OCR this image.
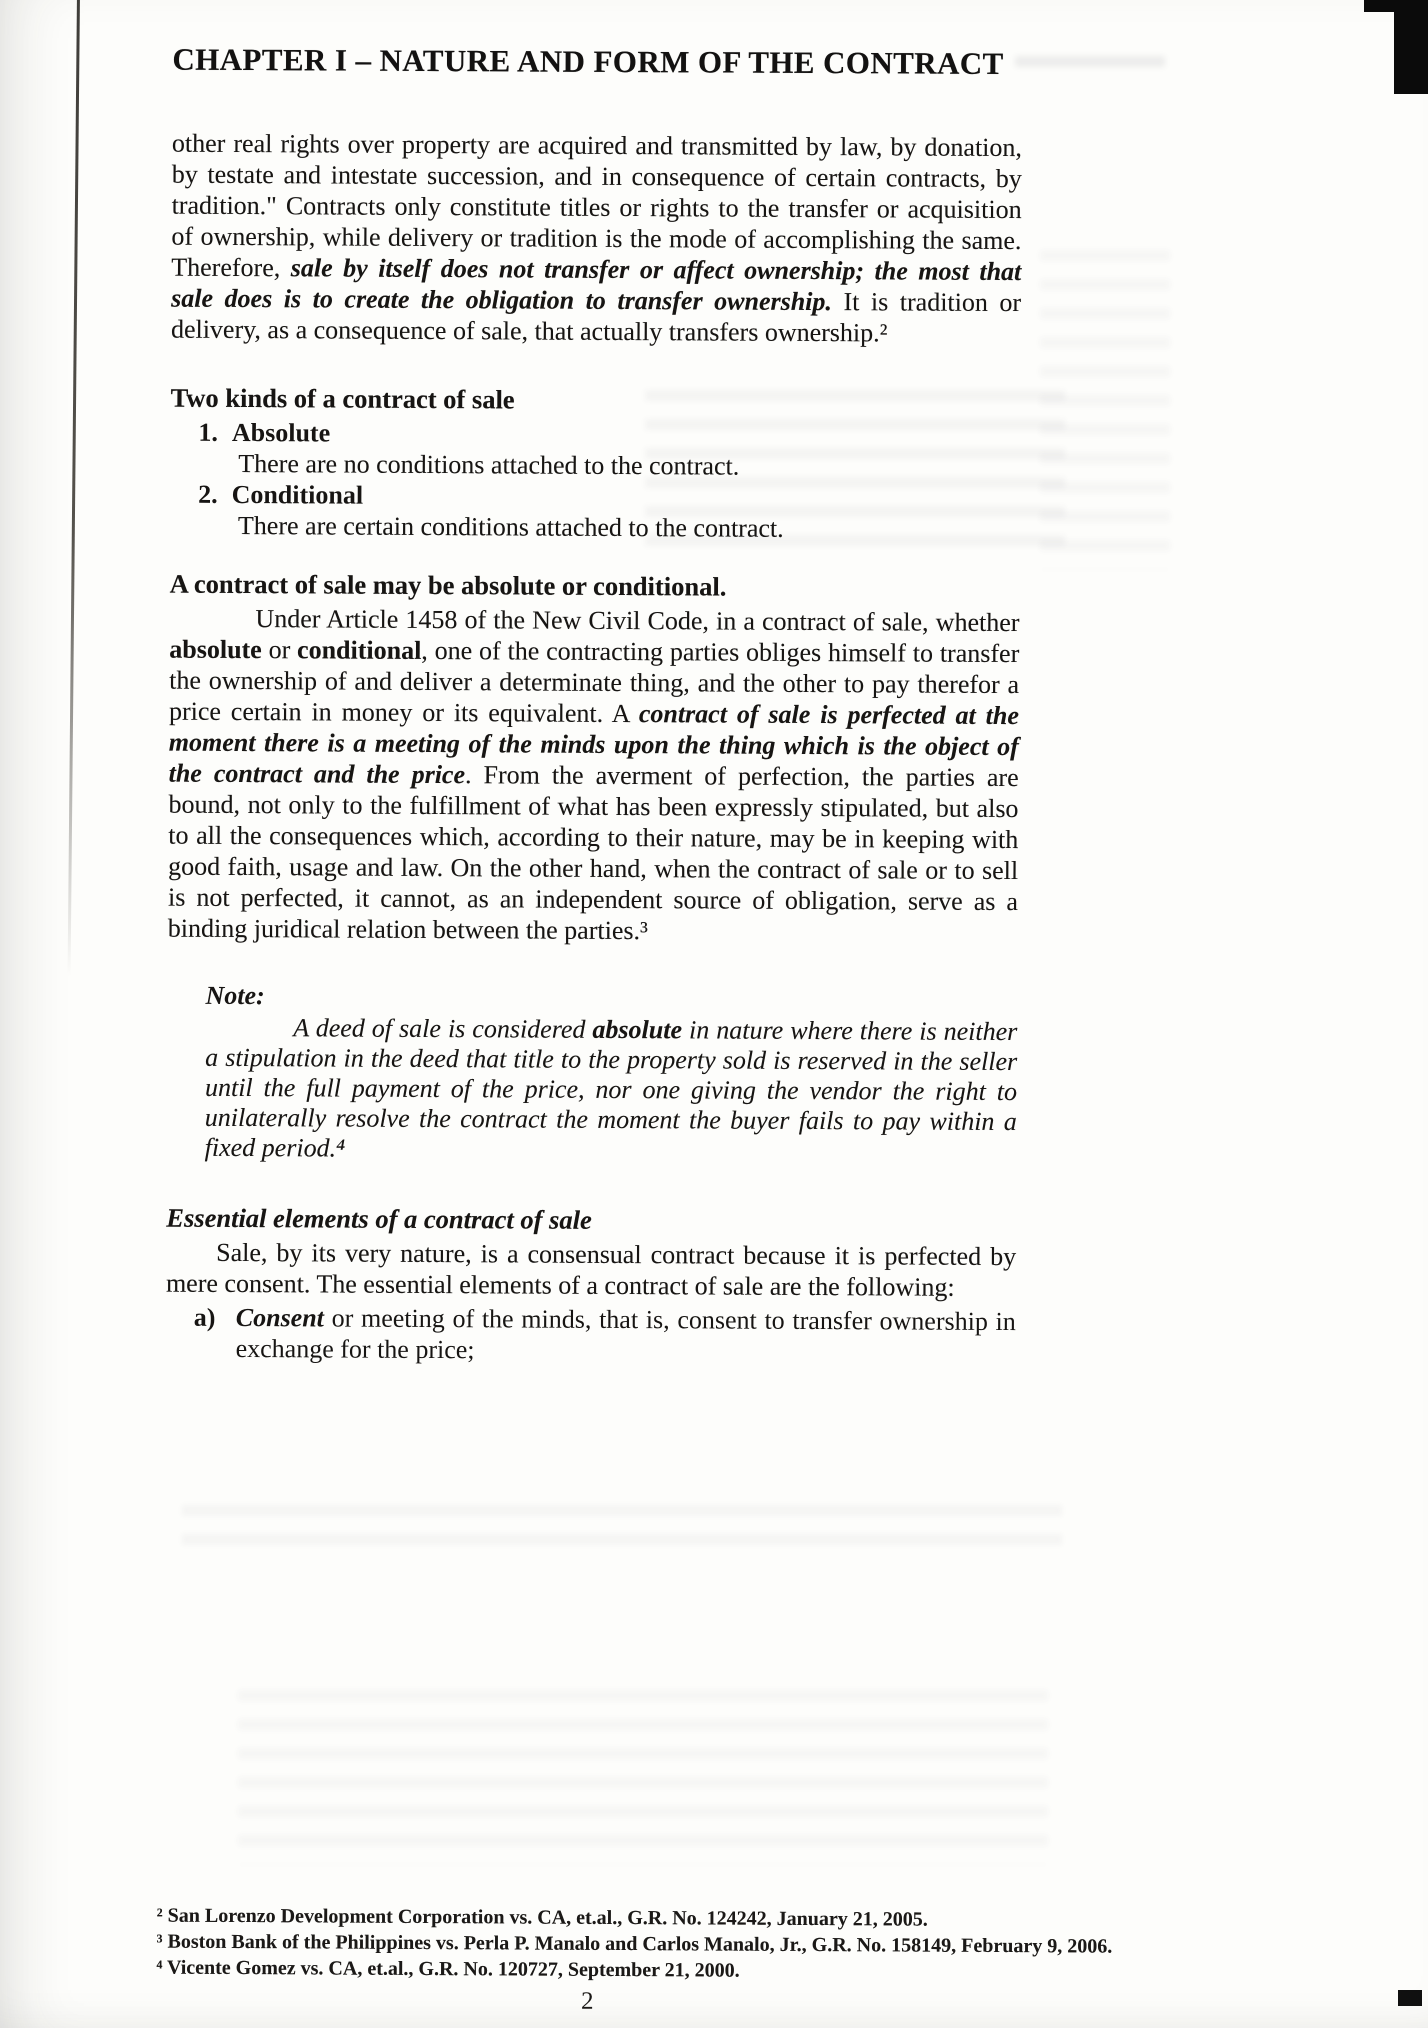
CHAPTER I – NATURE AND FORM OF THE CONTRACT

other real rights over property are acquired and transmitted by law, by donation, by testate and intestate succession, and in consequence of certain contracts, by tradition." Contracts only constitute titles or rights to the transfer or acquisition of ownership, while delivery or tradition is the mode of accomplishing the same. Therefore, sale by itself does not transfer or affect ownership; the most that sale does is to create the obligation to transfer ownership. It is tradition or delivery, as a consequence of sale, that actually transfers ownership.²

Two kinds of a contract of sale
1. Absolute
There are no conditions attached to the contract.
2. Conditional
There are certain conditions attached to the contract.
A contract of sale may be absolute or conditional.

Under Article 1458 of the New Civil Code, in a contract of sale, whether absolute or conditional, one of the contracting parties obliges himself to transfer the ownership of and deliver a determinate thing, and the other to pay therefor a price certain in money or its equivalent. A contract of sale is perfected at the moment there is a meeting of the minds upon the thing which is the object of the contract and the price. From the averment of perfection, the parties are bound, not only to the fulfillment of what has been expressly stipulated, but also to all the consequences which, according to their nature, may be in keeping with good faith, usage and law. On the other hand, when the contract of sale or to sell is not perfected, it cannot, as an independent source of obligation, serve as a binding juridical relation between the parties.³

Note:

A deed of sale is considered absolute in nature where there is neither a stipulation in the deed that title to the property sold is reserved in the seller until the full payment of the price, nor one giving the vendor the right to unilaterally resolve the contract the moment the buyer fails to pay within a fixed period.⁴

Essential elements of a contract of sale

Sale, by its very nature, is a consensual contract because it is perfected by mere consent. The essential elements of a contract of sale are the following:

a) Consent or meeting of the minds, that is, consent to transfer ownership in exchange for the price;
² San Lorenzo Development Corporation vs. CA, et.al., G.R. No. 124242, January 21, 2005.
³ Boston Bank of the Philippines vs. Perla P. Manalo and Carlos Manalo, Jr., G.R. No. 158149, February 9, 2006.
⁴ Vicente Gomez vs. CA, et.al., G.R. No. 120727, September 21, 2000.
2
